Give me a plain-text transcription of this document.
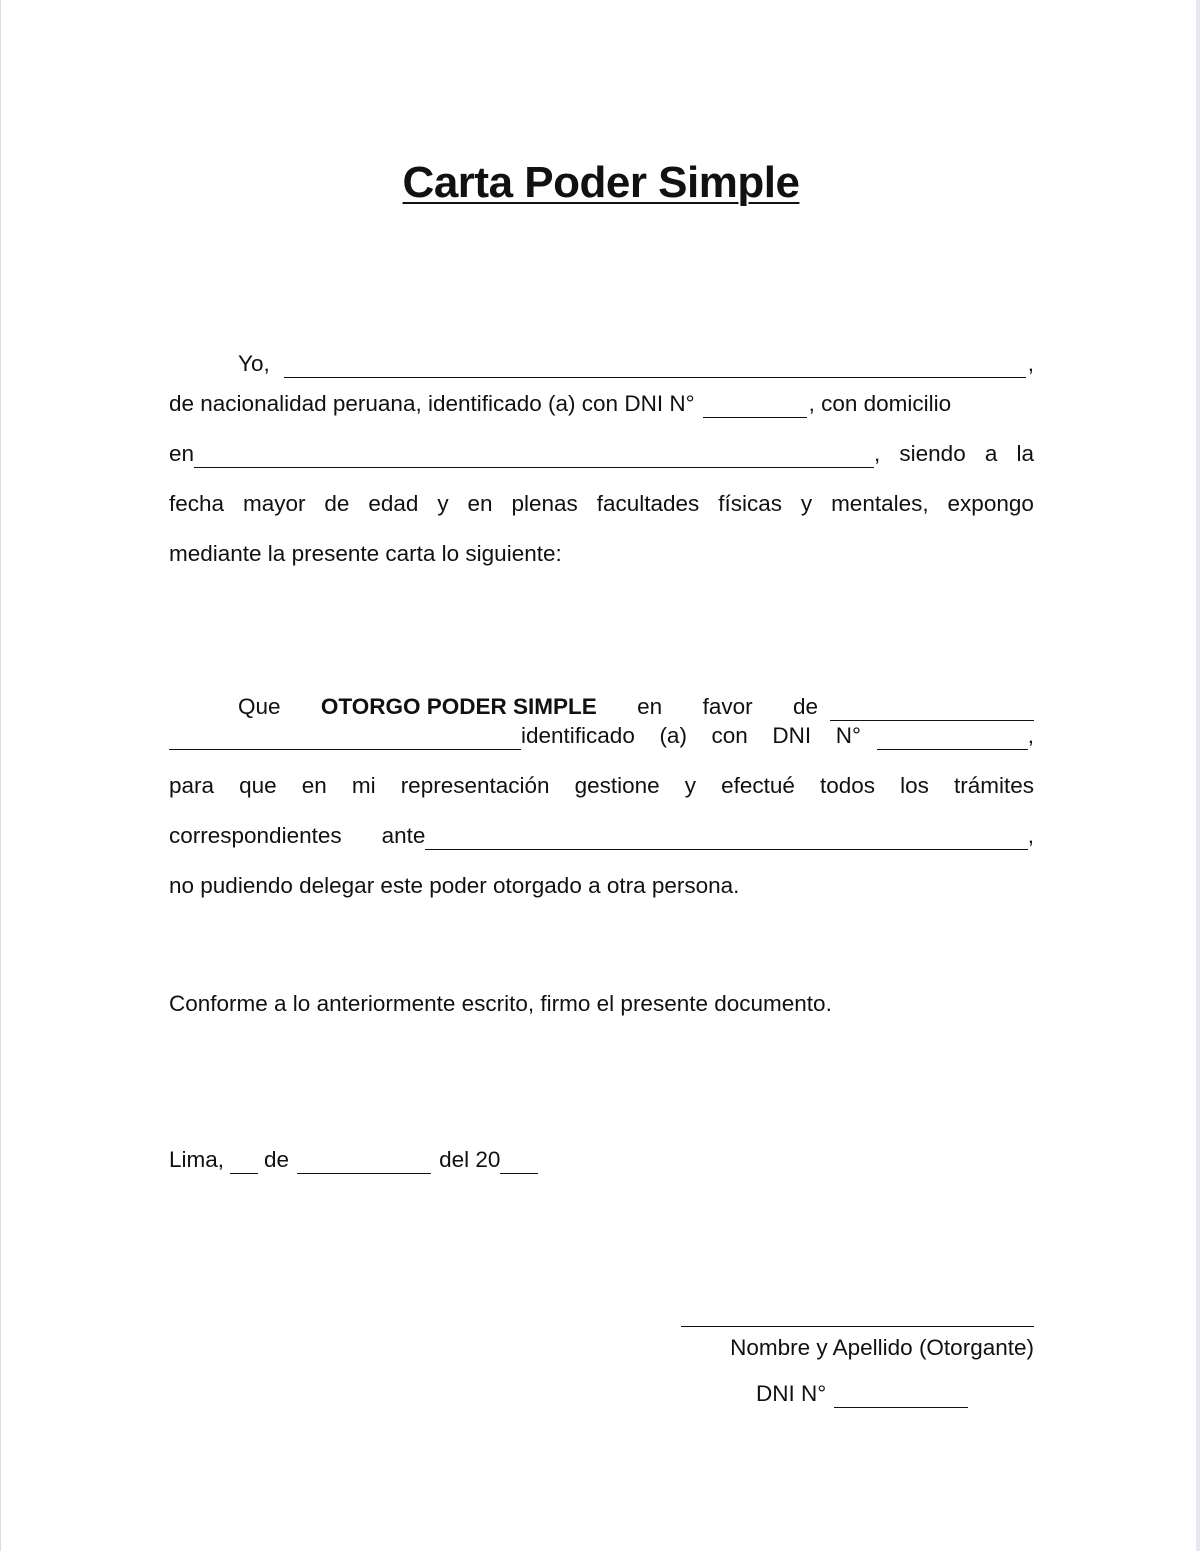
Carta Poder Simple
Yo,	,
de nacionalidad peruana, identificado (a) con DNI N°	, con domicilio
en	, siendo a la
fecha mayor de edad y en plenas facultades físicas y mentales, expongo
mediante la presente carta lo siguiente:
Que OTORGO PODER SIMPLE en favor de
identificado (a) con DNI N°	,
para que en mi representación gestione y efectué todos los trámites
correspondientes ante	,
no pudiendo delegar este poder otorgado a otra persona.
Conforme a lo anteriormente escrito, firmo el presente documento.
Lima, de	del 20
Nombre y Apellido (Otorgante)
DNI N°
